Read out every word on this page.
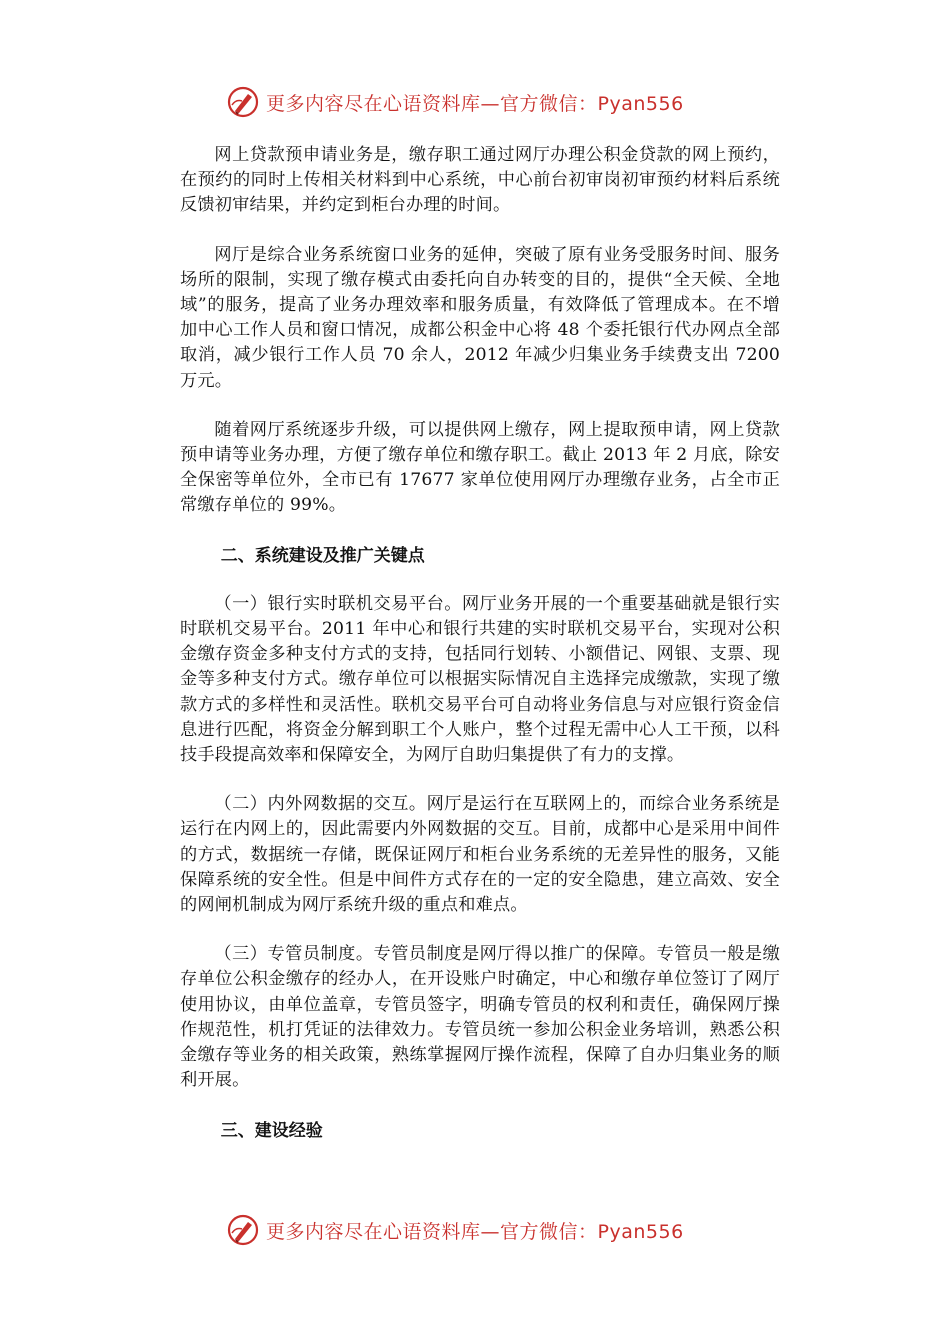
更多内容尽在心语资料库—官方微信：Pyan556

网上贷款预申请业务是，缴存职工通过网厅办理公积金贷款的网上预约，在预约的同时上传相关材料到中心系统，中心前台初审岗初审预约材料后系统反馈初审结果，并约定到柜台办理的时间。

网厅是综合业务系统窗口业务的延伸，突破了原有业务受服务时间、服务场所的限制，实现了缴存模式由委托向自办转变的目的，提供“全天候、全地域”的服务，提高了业务办理效率和服务质量，有效降低了管理成本。在不增加中心工作人员和窗口情况，成都公积金中心将 48 个委托银行代办网点全部取消，减少银行工作人员 70 余人，2012 年减少归集业务手续费支出 7200 万元。

随着网厅系统逐步升级，可以提供网上缴存，网上提取预申请，网上贷款预申请等业务办理，方便了缴存单位和缴存职工。截止 2013 年 2 月底，除安全保密等单位外，全市已有 17677 家单位使用网厅办理缴存业务，占全市正常缴存单位的 99%。

二、系统建设及推广关键点

（一）银行实时联机交易平台。网厅业务开展的一个重要基础就是银行实时联机交易平台。2011 年中心和银行共建的实时联机交易平台，实现对公积金缴存资金多种支付方式的支持，包括同行划转、小额借记、网银、支票、现金等多种支付方式。缴存单位可以根据实际情况自主选择完成缴款，实现了缴款方式的多样性和灵活性。联机交易平台可自动将业务信息与对应银行资金信息进行匹配，将资金分解到职工个人账户，整个过程无需中心人工干预，以科技手段提高效率和保障安全，为网厅自助归集提供了有力的支撑。

（二）内外网数据的交互。网厅是运行在互联网上的，而综合业务系统是运行在内网上的，因此需要内外网数据的交互。目前，成都中心是采用中间件的方式，数据统一存储，既保证网厅和柜台业务系统的无差异性的服务，又能保障系统的安全性。但是中间件方式存在的一定的安全隐患，建立高效、安全的网闸机制成为网厅系统升级的重点和难点。

（三）专管员制度。专管员制度是网厅得以推广的保障。专管员一般是缴存单位公积金缴存的经办人，在开设账户时确定，中心和缴存单位签订了网厅使用协议，由单位盖章，专管员签字，明确专管员的权利和责任，确保网厅操作规范性，机打凭证的法律效力。专管员统一参加公积金业务培训，熟悉公积金缴存等业务的相关政策，熟练掌握网厅操作流程，保障了自办归集业务的顺利开展。

三、建设经验

更多内容尽在心语资料库—官方微信：Pyan556
